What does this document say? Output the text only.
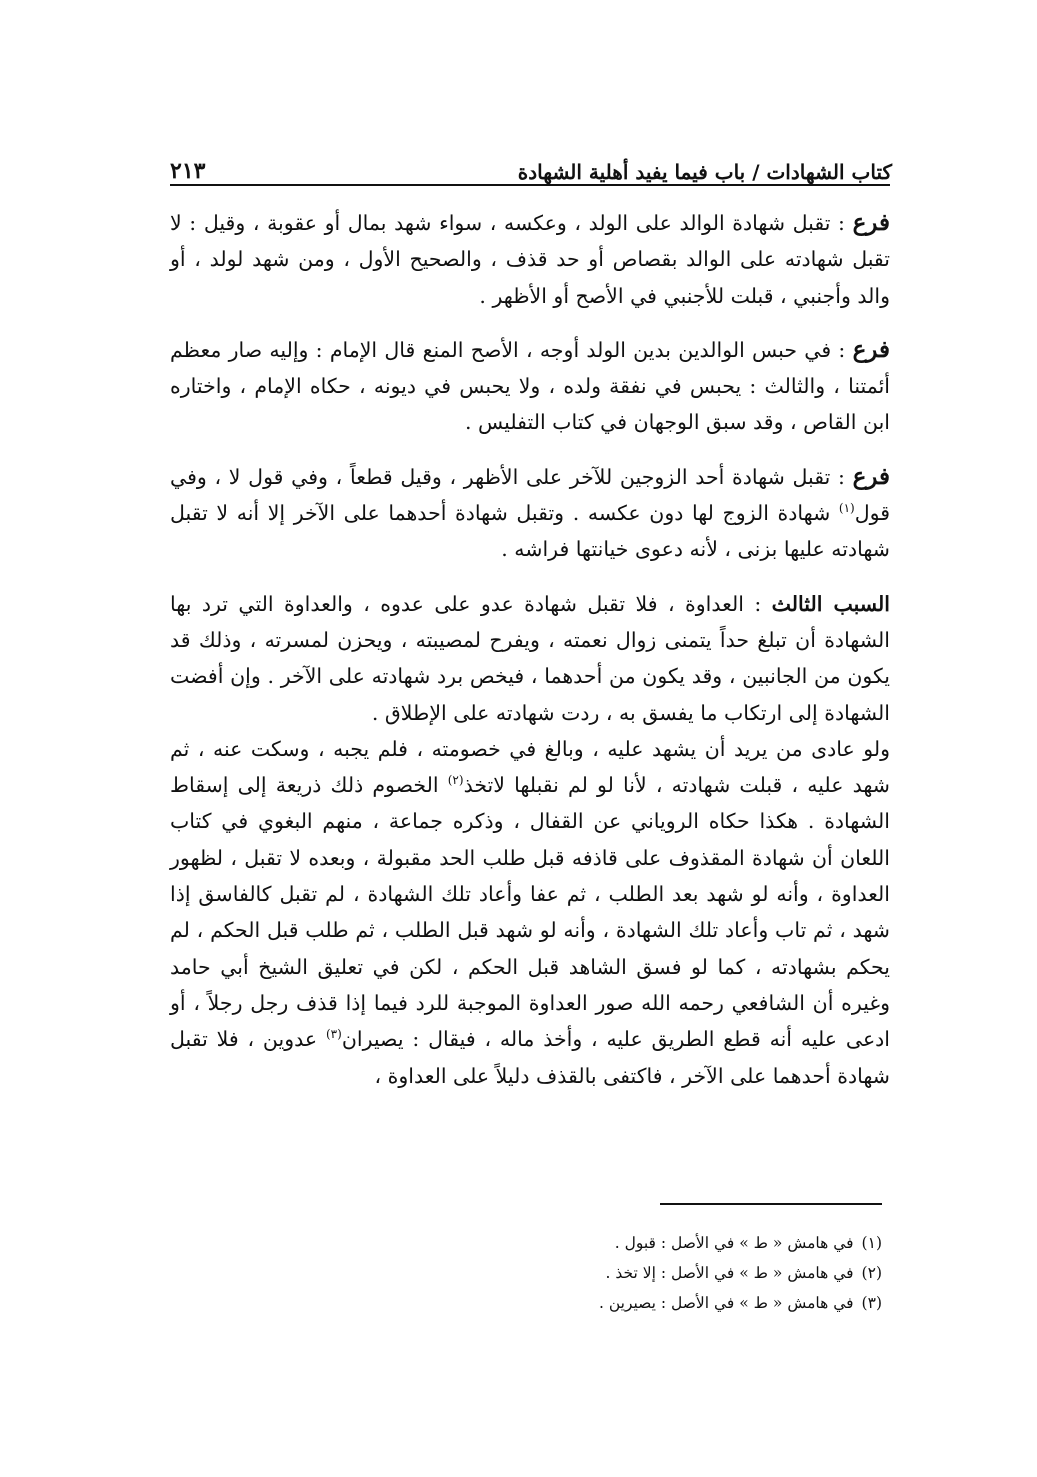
كتاب الشهادات / باب فيما يفيد أهلية الشهادة
٢١٣

فرع : تقبل شهادة الوالد على الولد ، وعكسه ، سواء شهد بمال أو عقوبة ، وقيل : لا تقبل شهادته على الوالد بقصاص أو حد قذف ، والصحيح الأول ، ومن شهد لولد ، أو والد وأجنبي ، قبلت للأجنبي في الأصح أو الأظهر .

فرع : في حبس الوالدين بدين الولد أوجه ، الأصح المنع قال الإمام : وإليه صار معظم أئمتنا ، والثالث : يحبس في نفقة ولده ، ولا يحبس في ديونه ، حكاه الإمام ، واختاره ابن القاص ، وقد سبق الوجهان في كتاب التفليس .

فرع : تقبل شهادة أحد الزوجين للآخر على الأظهر ، وقيل قطعاً ، وفي قول لا ، وفي قول$^{(١)}$ شهادة الزوج لها دون عكسه . وتقبل شهادة أحدهما على الآخر إلا أنه لا تقبل شهادته عليها بزنى ، لأنه دعوى خيانتها فراشه .

السبب الثالث : العداوة ، فلا تقبل شهادة عدو على عدوه ، والعداوة التي ترد بها الشهادة أن تبلغ حداً يتمنى زوال نعمته ، ويفرح لمصيبته ، ويحزن لمسرته ، وذلك قد يكون من الجانبين ، وقد يكون من أحدهما ، فيخص برد شهادته على الآخر . وإن أفضت الشهادة إلى ارتكاب ما يفسق به ، ردت شهادته على الإطلاق .

ولو عادى من يريد أن يشهد عليه ، وبالغ في خصومته ، فلم يجبه ، وسكت عنه ، ثم شهد عليه ، قبلت شهادته ، لأنا لو لم نقبلها لاتخذ$^{(٢)}$ الخصوم ذلك ذريعة إلى إسقاط الشهادة . هكذا حكاه الروياني عن القفال ، وذكره جماعة ، منهم البغوي في كتاب اللعان أن شهادة المقذوف على قاذفه قبل طلب الحد مقبولة ، وبعده لا تقبل ، لظهور العداوة ، وأنه لو شهد بعد الطلب ، ثم عفا وأعاد تلك الشهادة ، لم تقبل كالفاسق إذا شهد ، ثم تاب وأعاد تلك الشهادة ، وأنه لو شهد قبل الطلب ، ثم طلب قبل الحكم ، لم يحكم بشهادته ، كما لو فسق الشاهد قبل الحكم ، لكن في تعليق الشيخ أبي حامد وغيره أن الشافعي رحمه الله صور العداوة الموجبة للرد فيما إذا قذف رجل رجلاً ، أو ادعى عليه أنه قطع الطريق عليه ، وأخذ ماله ، فيقال : يصيران$^{(٣)}$ عدوين ، فلا تقبل شهادة أحدهما على الآخر ، فاكتفى بالقذف دليلاً على العداوة ،

(١)في هامش « ط » في الأصل : قبول .

(٢)في هامش « ط » في الأصل : إلا تخذ .

(٣)في هامش « ط » في الأصل : يصيرين .
